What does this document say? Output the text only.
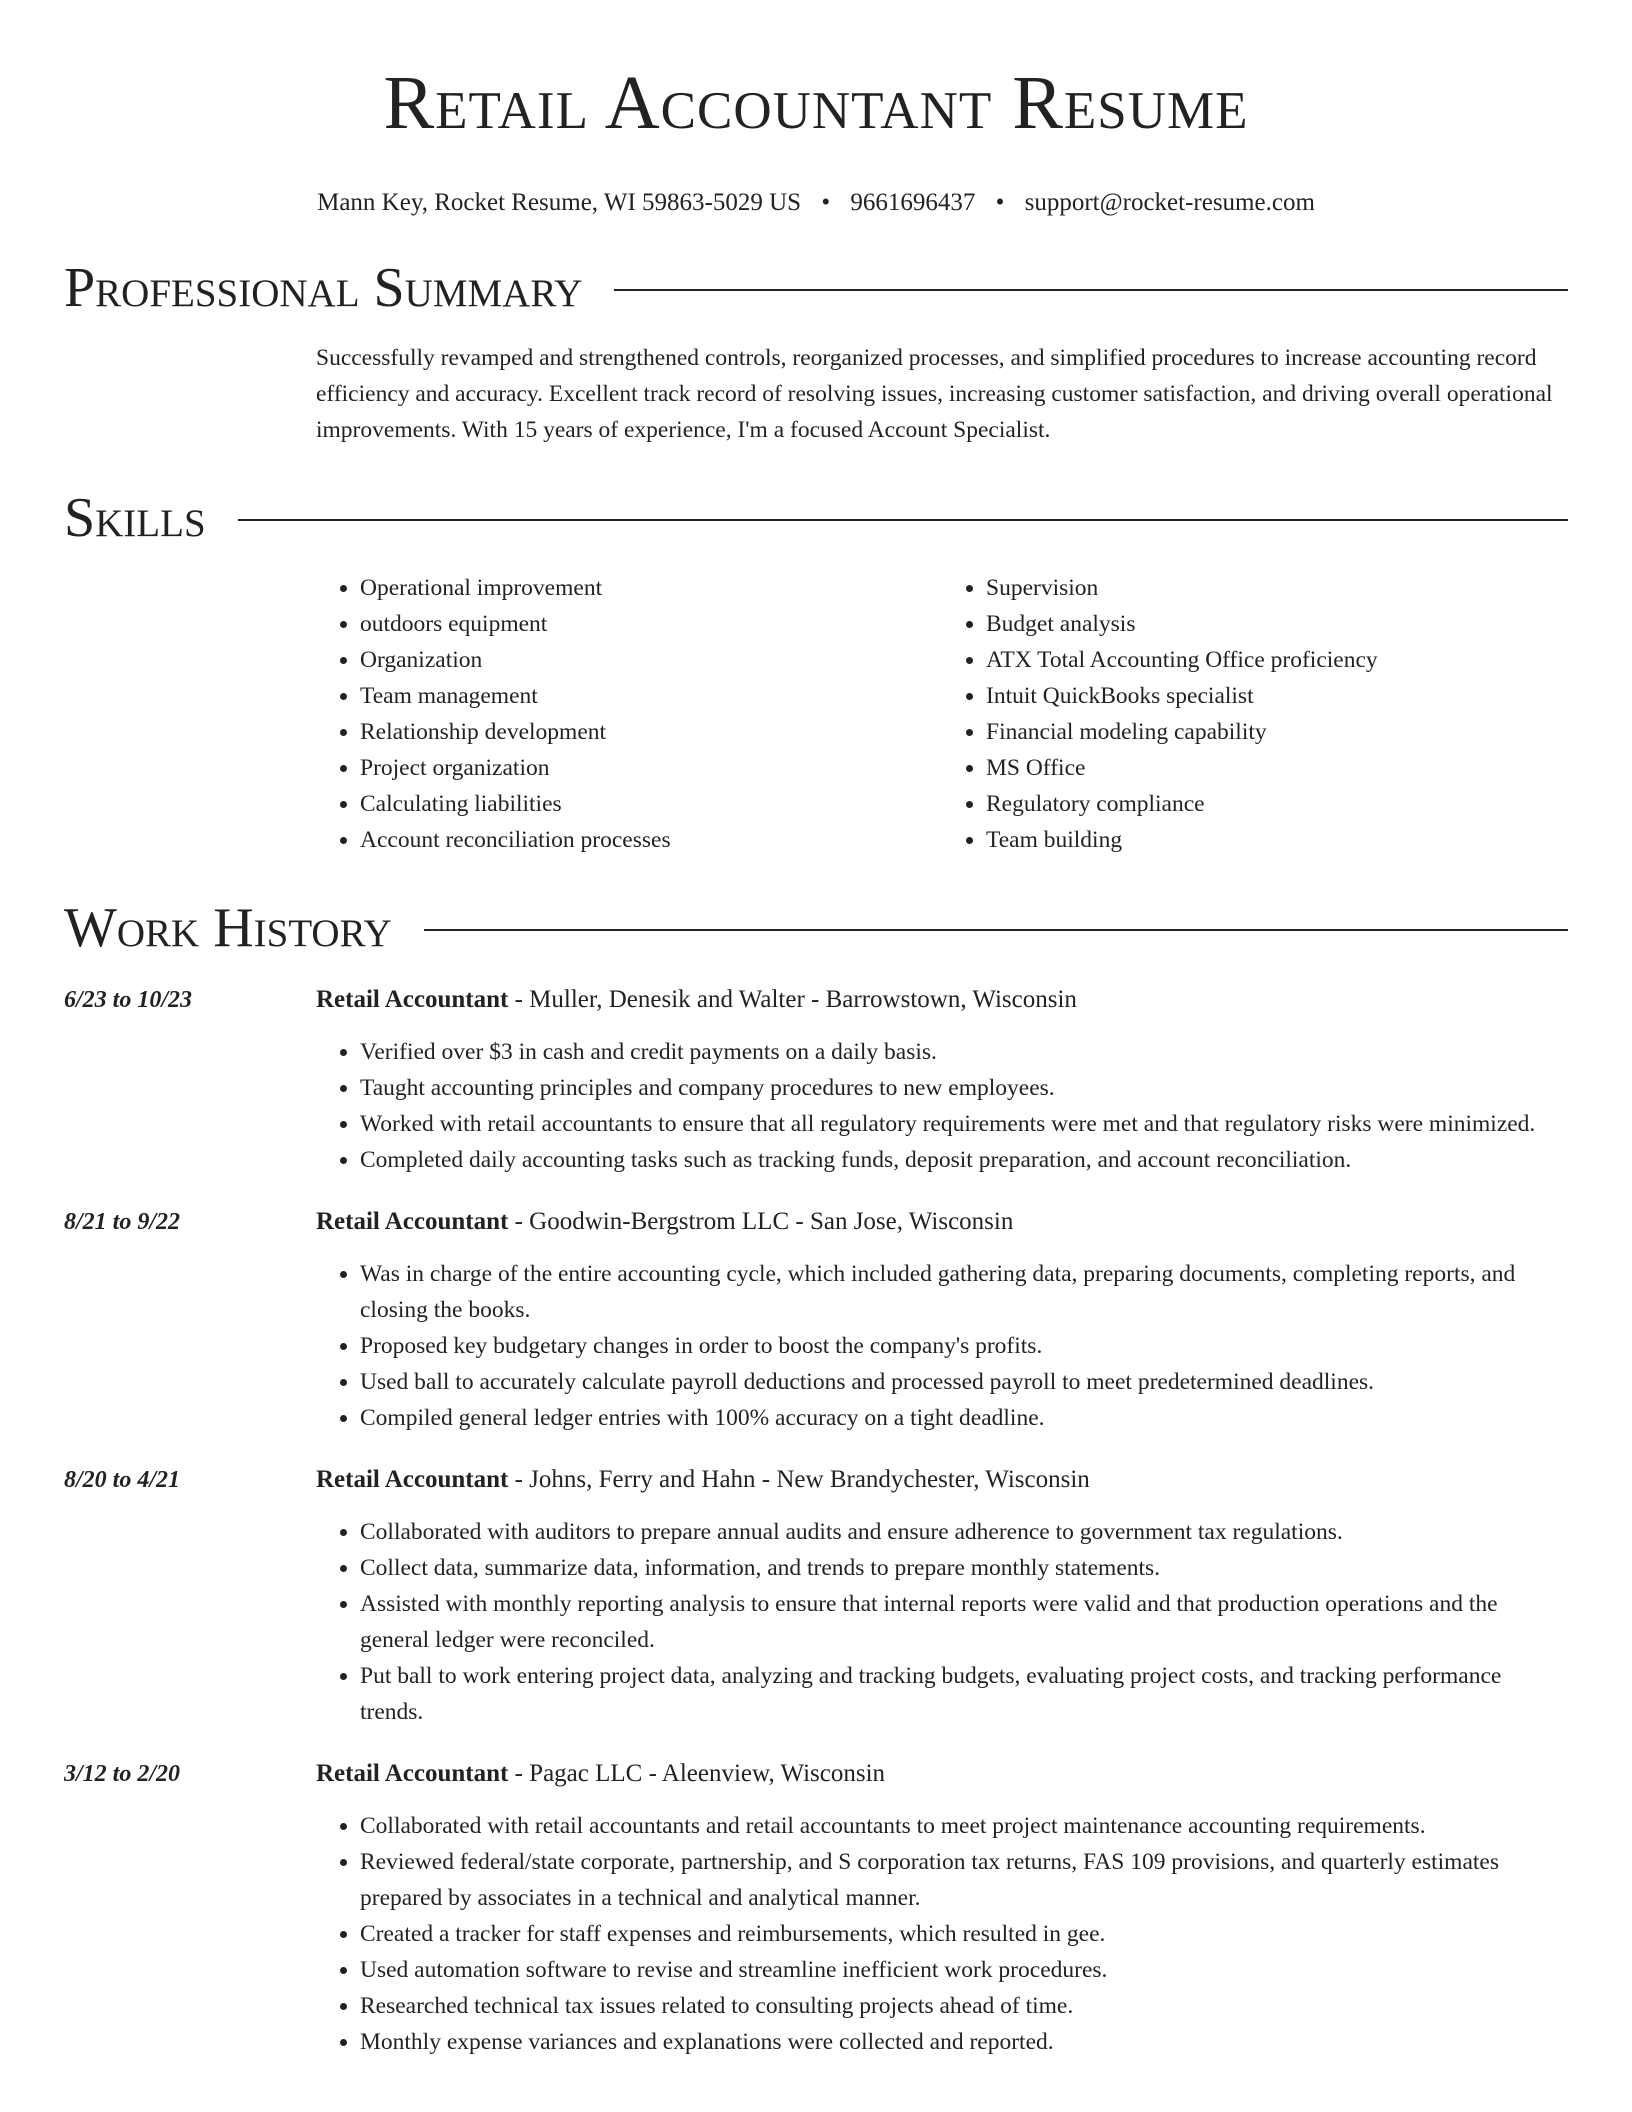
Retail Accountant Resume
Mann Key, Rocket Resume, WI 59863-5029 US • 9661696437 • support@rocket-resume.com
Professional Summary
Successfully revamped and strengthened controls, reorganized processes, and simplified procedures to increase accounting record efficiency and accuracy. Excellent track record of resolving issues, increasing customer satisfaction, and driving overall operational improvements. With 15 years of experience, I'm a focused Account Specialist.
Skills
• Operational improvement
• outdoors equipment
• Organization
• Team management
• Relationship development
• Project organization
• Calculating liabilities
• Account reconciliation processes
• Supervision
• Budget analysis
• ATX Total Accounting Office proficiency
• Intuit QuickBooks specialist
• Financial modeling capability
• MS Office
• Regulatory compliance
• Team building
Work History
6/23 to 10/23	Retail Accountant - Muller, Denesik and Walter - Barrowstown, Wisconsin
• Verified over $3 in cash and credit payments on a daily basis.
• Taught accounting principles and company procedures to new employees.
• Worked with retail accountants to ensure that all regulatory requirements were met and that regulatory risks were minimized.
• Completed daily accounting tasks such as tracking funds, deposit preparation, and account reconciliation.
8/21 to 9/22	Retail Accountant - Goodwin-Bergstrom LLC - San Jose, Wisconsin
• Was in charge of the entire accounting cycle, which included gathering data, preparing documents, completing reports, and closing the books.
• Proposed key budgetary changes in order to boost the company's profits.
• Used ball to accurately calculate payroll deductions and processed payroll to meet predetermined deadlines.
• Compiled general ledger entries with 100% accuracy on a tight deadline.
8/20 to 4/21	Retail Accountant - Johns, Ferry and Hahn - New Brandychester, Wisconsin
• Collaborated with auditors to prepare annual audits and ensure adherence to government tax regulations.
• Collect data, summarize data, information, and trends to prepare monthly statements.
• Assisted with monthly reporting analysis to ensure that internal reports were valid and that production operations and the general ledger were reconciled.
• Put ball to work entering project data, analyzing and tracking budgets, evaluating project costs, and tracking performance trends.
3/12 to 2/20	Retail Accountant - Pagac LLC - Aleenview, Wisconsin
• Collaborated with retail accountants and retail accountants to meet project maintenance accounting requirements.
• Reviewed federal/state corporate, partnership, and S corporation tax returns, FAS 109 provisions, and quarterly estimates prepared by associates in a technical and analytical manner.
• Created a tracker for staff expenses and reimbursements, which resulted in gee.
• Used automation software to revise and streamline inefficient work procedures.
• Researched technical tax issues related to consulting projects ahead of time.
• Monthly expense variances and explanations were collected and reported.
